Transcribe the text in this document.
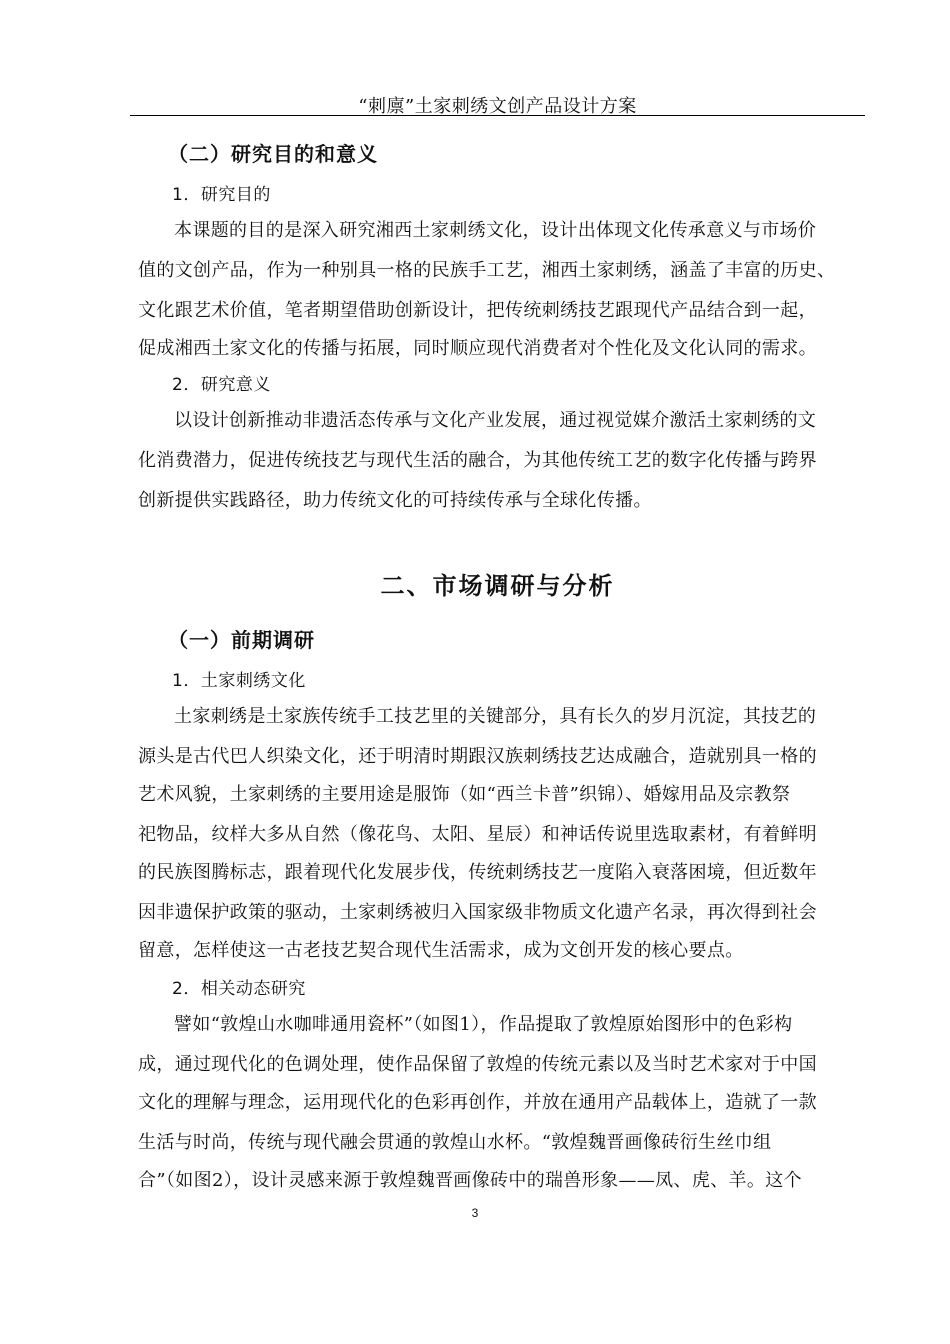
“刺廪”土家刺绣文创产品设计方案
（二）研究目的和意义
1．研究目的
本课题的目的是深入研究湘西土家刺绣文化，设计出体现文化传承意义与市场价
值的文创产品，作为一种别具一格的民族手工艺，湘西土家刺绣，涵盖了丰富的历史、
文化跟艺术价值，笔者期望借助创新设计，把传统刺绣技艺跟现代产品结合到一起，
促成湘西土家文化的传播与拓展，同时顺应现代消费者对个性化及文化认同的需求。
2．研究意义
以设计创新推动非遗活态传承与文化产业发展，通过视觉媒介激活土家刺绣的文
化消费潜力，促进传统技艺与现代生活的融合，为其他传统工艺的数字化传播与跨界
创新提供实践路径，助力传统文化的可持续传承与全球化传播。
二、市场调研与分析
（一）前期调研
1．土家刺绣文化
土家刺绣是土家族传统手工技艺里的关键部分，具有长久的岁月沉淀，其技艺的
源头是古代巴人织染文化，还于明清时期跟汉族刺绣技艺达成融合，造就别具一格的
艺术风貌，土家刺绣的主要用途是服饰（如“西兰卡普”织锦）、婚嫁用品及宗教祭
祀物品，纹样大多从自然（像花鸟、太阳、星辰）和神话传说里选取素材，有着鲜明
的民族图腾标志，跟着现代化发展步伐，传统刺绣技艺一度陷入衰落困境，但近数年
因非遗保护政策的驱动，土家刺绣被归入国家级非物质文化遗产名录，再次得到社会
留意，怎样使这一古老技艺契合现代生活需求，成为文创开发的核心要点。
2．相关动态研究
譬如“敦煌山水咖啡通用瓷杯”（如图1），作品提取了敦煌原始图形中的色彩构
成，通过现代化的色调处理，使作品保留了敦煌的传统元素以及当时艺术家对于中国
文化的理解与理念，运用现代化的色彩再创作，并放在通用产品载体上，造就了一款
生活与时尚，传统与现代融会贯通的敦煌山水杯。“敦煌魏晋画像砖衍生丝巾组
合”（如图2），设计灵感来源于敦煌魏晋画像砖中的瑞兽形象——凤、虎、羊。这个
3
